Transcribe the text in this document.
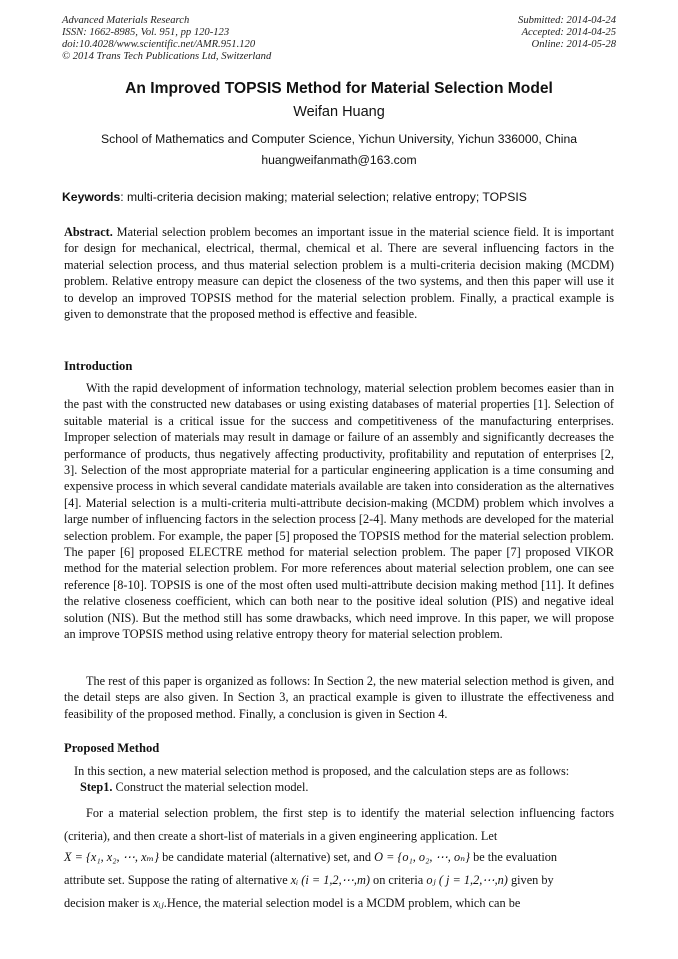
Advanced Materials Research
ISSN: 1662-8985, Vol. 951, pp 120-123
doi:10.4028/www.scientific.net/AMR.951.120
© 2014 Trans Tech Publications Ltd, Switzerland
Submitted: 2014-04-24
Accepted: 2014-04-25
Online: 2014-05-28
An Improved TOPSIS Method for Material Selection Model
Weifan Huang
School of Mathematics and Computer Science, Yichun University, Yichun 336000, China
huangweifanmath@163.com
Keywords: multi-criteria decision making; material selection; relative entropy; TOPSIS
Abstract. Material selection problem becomes an important issue in the material science field. It is important for design for mechanical, electrical, thermal, chemical et al. There are several influencing factors in the material selection process, and thus material selection problem is a multi-criteria decision making (MCDM) problem. Relative entropy measure can depict the closeness of the two systems, and then this paper will use it to develop an improved TOPSIS method for the material selection problem. Finally, a practical example is given to demonstrate that the proposed method is effective and feasible.
Introduction
With the rapid development of information technology, material selection problem becomes easier than in the past with the constructed new databases or using existing databases of material properties [1]. Selection of suitable material is a critical issue for the success and competitiveness of the manufacturing enterprises. Improper selection of materials may result in damage or failure of an assembly and significantly decreases the performance of products, thus negatively affecting productivity, profitability and reputation of enterprises [2, 3]. Selection of the most appropriate material for a particular engineering application is a time consuming and expensive process in which several candidate materials available are taken into consideration as the alternatives [4]. Material selection is a multi-criteria multi-attribute decision-making (MCDM) problem which involves a large number of influencing factors in the selection process [2-4]. Many methods are developed for the material selection problem. For example, the paper [5] proposed the TOPSIS method for the material selection problem. The paper [6] proposed ELECTRE method for material selection problem. The paper [7] proposed VIKOR method for the material selection problem. For more references about material selection problem, one can see reference [8-10]. TOPSIS is one of the most often used multi-attribute decision making method [11]. It defines the relative closeness coefficient, which can both near to the positive ideal solution (PIS) and negative ideal solution (NIS). But the method still has some drawbacks, which need improve. In this paper, we will propose an improve TOPSIS method using relative entropy theory for material selection problem.
The rest of this paper is organized as follows: In Section 2, the new material selection method is given, and the detail steps are also given. In Section 3, an practical example is given to illustrate the effectiveness and feasibility of the proposed method. Finally, a conclusion is given in Section 4.
Proposed Method
In this section, a new material selection method is proposed, and the calculation steps are as follows:
Step1. Construct the material selection model.
For a material selection problem, the first step is to identify the material selection influencing factors (criteria), and then create a short-list of materials in a given engineering application. Let
X = {x₁, x₂, ⋯, xₘ} be candidate material (alternative) set, and O = {o₁, o₂, ⋯, oₙ} be the evaluation
attribute set. Suppose the rating of alternative xᵢ (i = 1,2,⋯,m) on criteria oⱼ ( j = 1,2,⋯,n) given by
decision maker is xᵢⱼ.Hence, the material selection model is a MCDM problem, which can be
